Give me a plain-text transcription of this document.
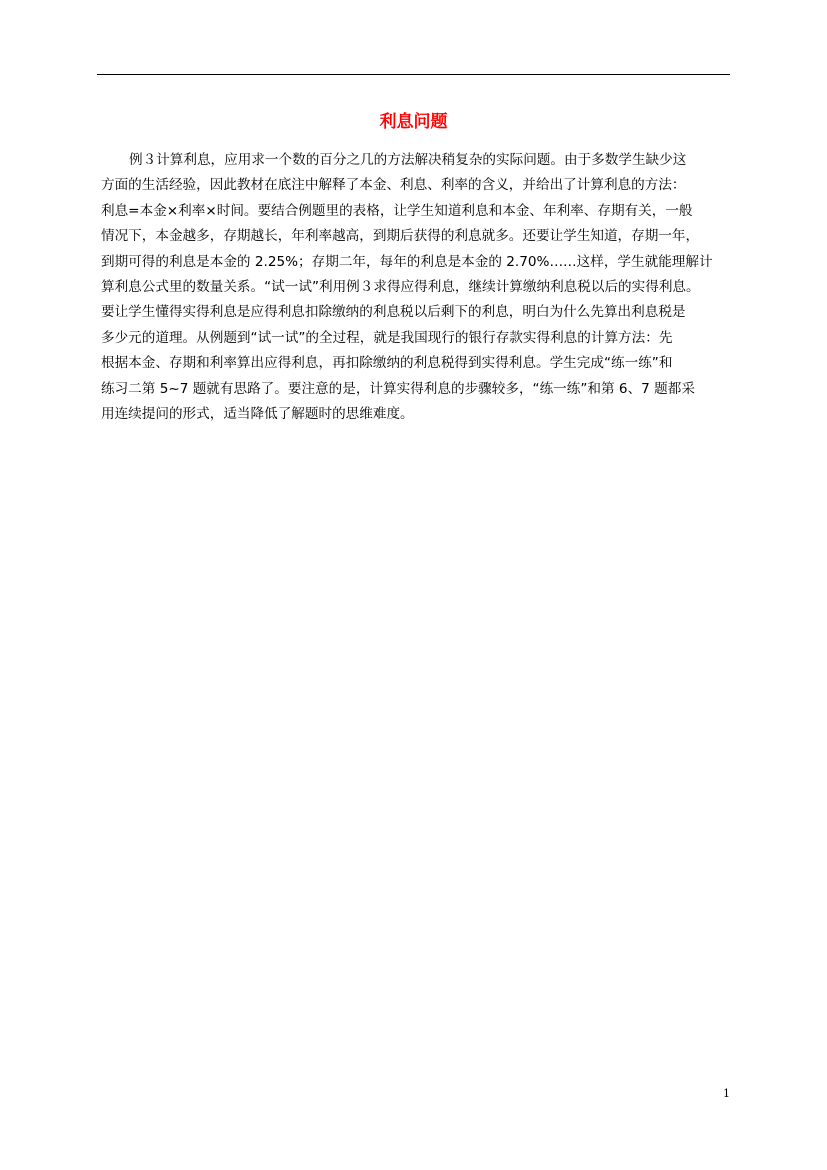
利息问题
例３计算利息，应用求一个数的百分之几的方法解决稍复杂的实际问题。由于多数学生缺少这
方面的生活经验，因此教材在底注中解释了本金、利息、利率的含义，并给出了计算利息的方法：
利息=本金×利率×时间。要结合例题里的表格，让学生知道利息和本金、年利率、存期有关，一般
情况下，本金越多，存期越长，年利率越高，到期后获得的利息就多。还要让学生知道，存期一年，
到期可得的利息是本金的 2.25%；存期二年，每年的利息是本金的 2.70%……这样，学生就能理解计
算利息公式里的数量关系。“试一试”利用例３求得应得利息，继续计算缴纳利息税以后的实得利息。
要让学生懂得实得利息是应得利息扣除缴纳的利息税以后剩下的利息，明白为什么先算出利息税是
多少元的道理。从例题到“试一试”的全过程，就是我国现行的银行存款实得利息的计算方法：先
根据本金、存期和利率算出应得利息，再扣除缴纳的利息税得到实得利息。学生完成“练一练”和
练习二第 5~7 题就有思路了。要注意的是，计算实得利息的步骤较多，“练一练”和第 6、7 题都采
用连续提问的形式，适当降低了解题时的思维难度。
1
